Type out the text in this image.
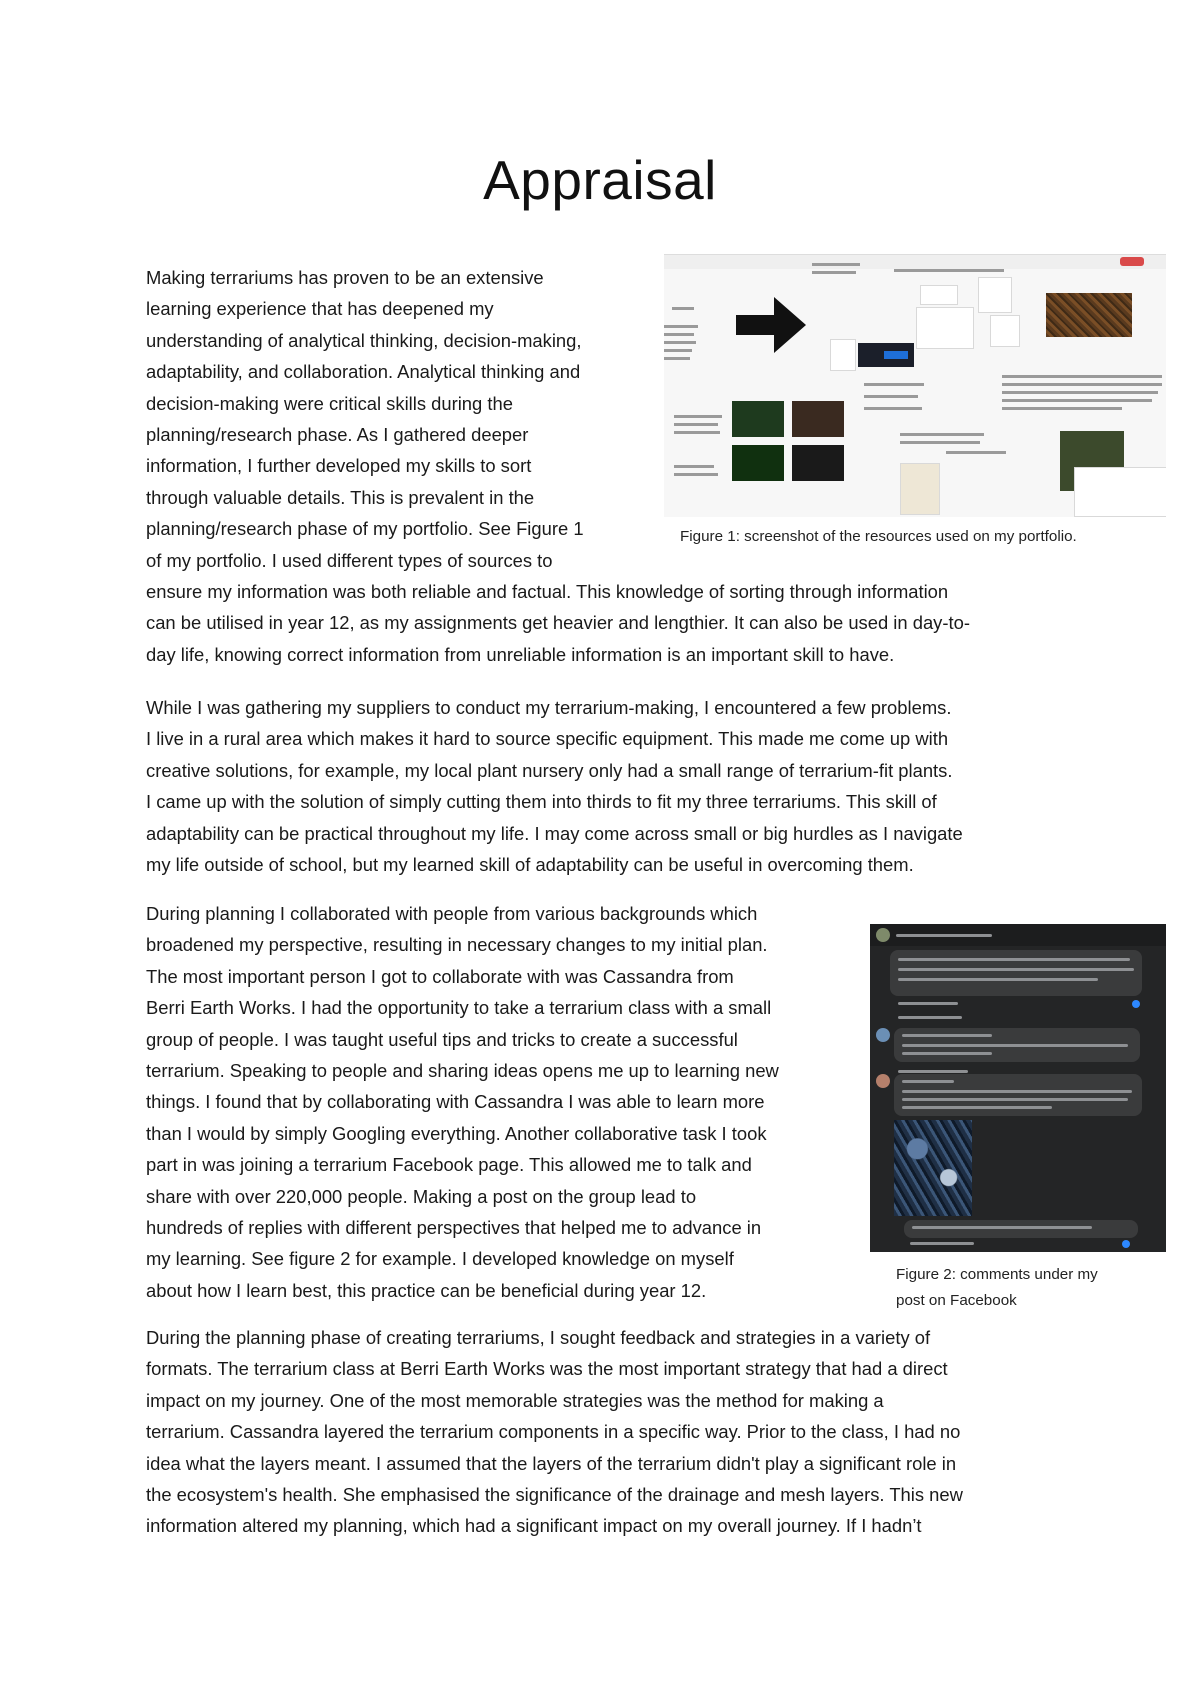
Appraisal

Making terrariums has proven to be an extensive
learning experience that has deepened my
understanding of analytical thinking, decision-making,
adaptability, and collaboration. Analytical thinking and
decision-making were critical skills during the
planning/research phase. As I gathered deeper
information, I further developed my skills to sort
through valuable details. This is prevalent in the
planning/research phase of my portfolio. See Figure 1
of my portfolio. I used different types of sources to
ensure my information was both reliable and factual. This knowledge of sorting through information
can be utilised in year 12, as my assignments get heavier and lengthier. It can also be used in day-to-
day life, knowing correct information from unreliable information is an important skill to have.

Figure 1: screenshot of the resources used on my portfolio.

While I was gathering my suppliers to conduct my terrarium-making, I encountered a few problems.
I live in a rural area which makes it hard to source specific equipment. This made me come up with
creative solutions, for example, my local plant nursery only had a small range of terrarium-fit plants.
I came up with the solution of simply cutting them into thirds to fit my three terrariums. This skill of
adaptability can be practical throughout my life. I may come across small or big hurdles as I navigate
my life outside of school, but my learned skill of adaptability can be useful in overcoming them.

During planning I collaborated with people from various backgrounds which
broadened my perspective, resulting in necessary changes to my initial plan.
The most important person I got to collaborate with was Cassandra from
Berri Earth Works. I had the opportunity to take a terrarium class with a small
group of people. I was taught useful tips and tricks to create a successful
terrarium. Speaking to people and sharing ideas opens me up to learning new
things. I found that by collaborating with Cassandra I was able to learn more
than I would by simply Googling everything. Another collaborative task I took
part in was joining a terrarium Facebook page. This allowed me to talk and
share with over 220,000 people. Making a post on the group lead to
hundreds of replies with different perspectives that helped me to advance in
my learning. See figure 2 for example. I developed knowledge on myself
about how I learn best, this practice can be beneficial during year 12.

Figure 2: comments under my
post on Facebook

During the planning phase of creating terrariums, I sought feedback and strategies in a variety of
formats. The terrarium class at Berri Earth Works was the most important strategy that had a direct
impact on my journey. One of the most memorable strategies was the method for making a
terrarium. Cassandra layered the terrarium components in a specific way. Prior to the class, I had no
idea what the layers meant. I assumed that the layers of the terrarium didn't play a significant role in
the ecosystem's health. She emphasised the significance of the drainage and mesh layers. This new
information altered my planning, which had a significant impact on my overall journey. If I hadn’t
